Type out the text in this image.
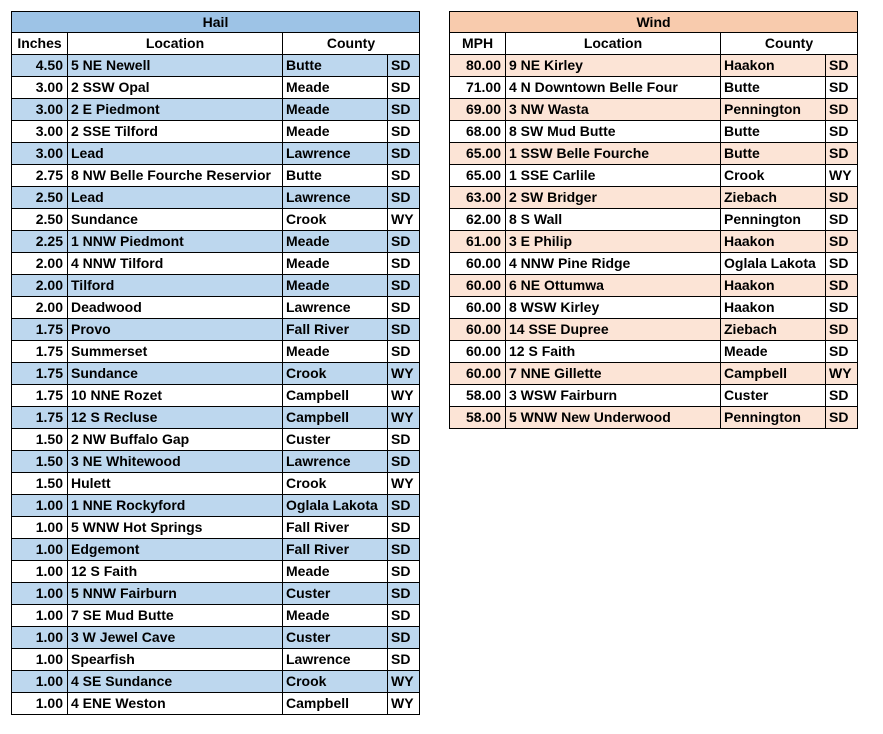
Hail			
Inches	Location	County	
4.50	5 NE Newell	Butte	SD
3.00	2 SSW Opal	Meade	SD
3.00	2 E Piedmont	Meade	SD
3.00	2 SSE Tilford	Meade	SD
3.00	Lead	Lawrence	SD
2.75	8 NW Belle Fourche Reservior	Butte	SD
2.50	Lead	Lawrence	SD
2.50	Sundance	Crook	WY
2.25	1 NNW Piedmont	Meade	SD
2.00	4 NNW Tilford	Meade	SD
2.00	Tilford	Meade	SD
2.00	Deadwood	Lawrence	SD
1.75	Provo	Fall River	SD
1.75	Summerset	Meade	SD
1.75	Sundance	Crook	WY
1.75	10 NNE Rozet	Campbell	WY
1.75	12 S Recluse	Campbell	WY
1.50	2 NW Buffalo Gap	Custer	SD
1.50	3 NE Whitewood	Lawrence	SD
1.50	Hulett	Crook	WY
1.00	1 NNE Rockyford	Oglala Lakota	SD
1.00	5 WNW Hot Springs	Fall River	SD
1.00	Edgemont	Fall River	SD
1.00	12 S Faith	Meade	SD
1.00	5 NNW Fairburn	Custer	SD
1.00	7 SE Mud Butte	Meade	SD
1.00	3 W Jewel Cave	Custer	SD
1.00	Spearfish	Lawrence	SD
1.00	4 SE Sundance	Crook	WY
1.00	4 ENE Weston	Campbell	WY
Wind			
MPH	Location	County	
80.00	9 NE Kirley	Haakon	SD
71.00	4 N Downtown Belle Four	Butte	SD
69.00	3 NW Wasta	Pennington	SD
68.00	8 SW Mud Butte	Butte	SD
65.00	1 SSW Belle Fourche	Butte	SD
65.00	1 SSE Carlile	Crook	WY
63.00	2 SW Bridger	Ziebach	SD
62.00	8 S Wall	Pennington	SD
61.00	3 E Philip	Haakon	SD
60.00	4 NNW Pine Ridge	Oglala Lakota	SD
60.00	6 NE Ottumwa	Haakon	SD
60.00	8 WSW Kirley	Haakon	SD
60.00	14 SSE Dupree	Ziebach	SD
60.00	12 S Faith	Meade	SD
60.00	7 NNE Gillette	Campbell	WY
58.00	3 WSW Fairburn	Custer	SD
58.00	5 WNW New Underwood	Pennington	SD
